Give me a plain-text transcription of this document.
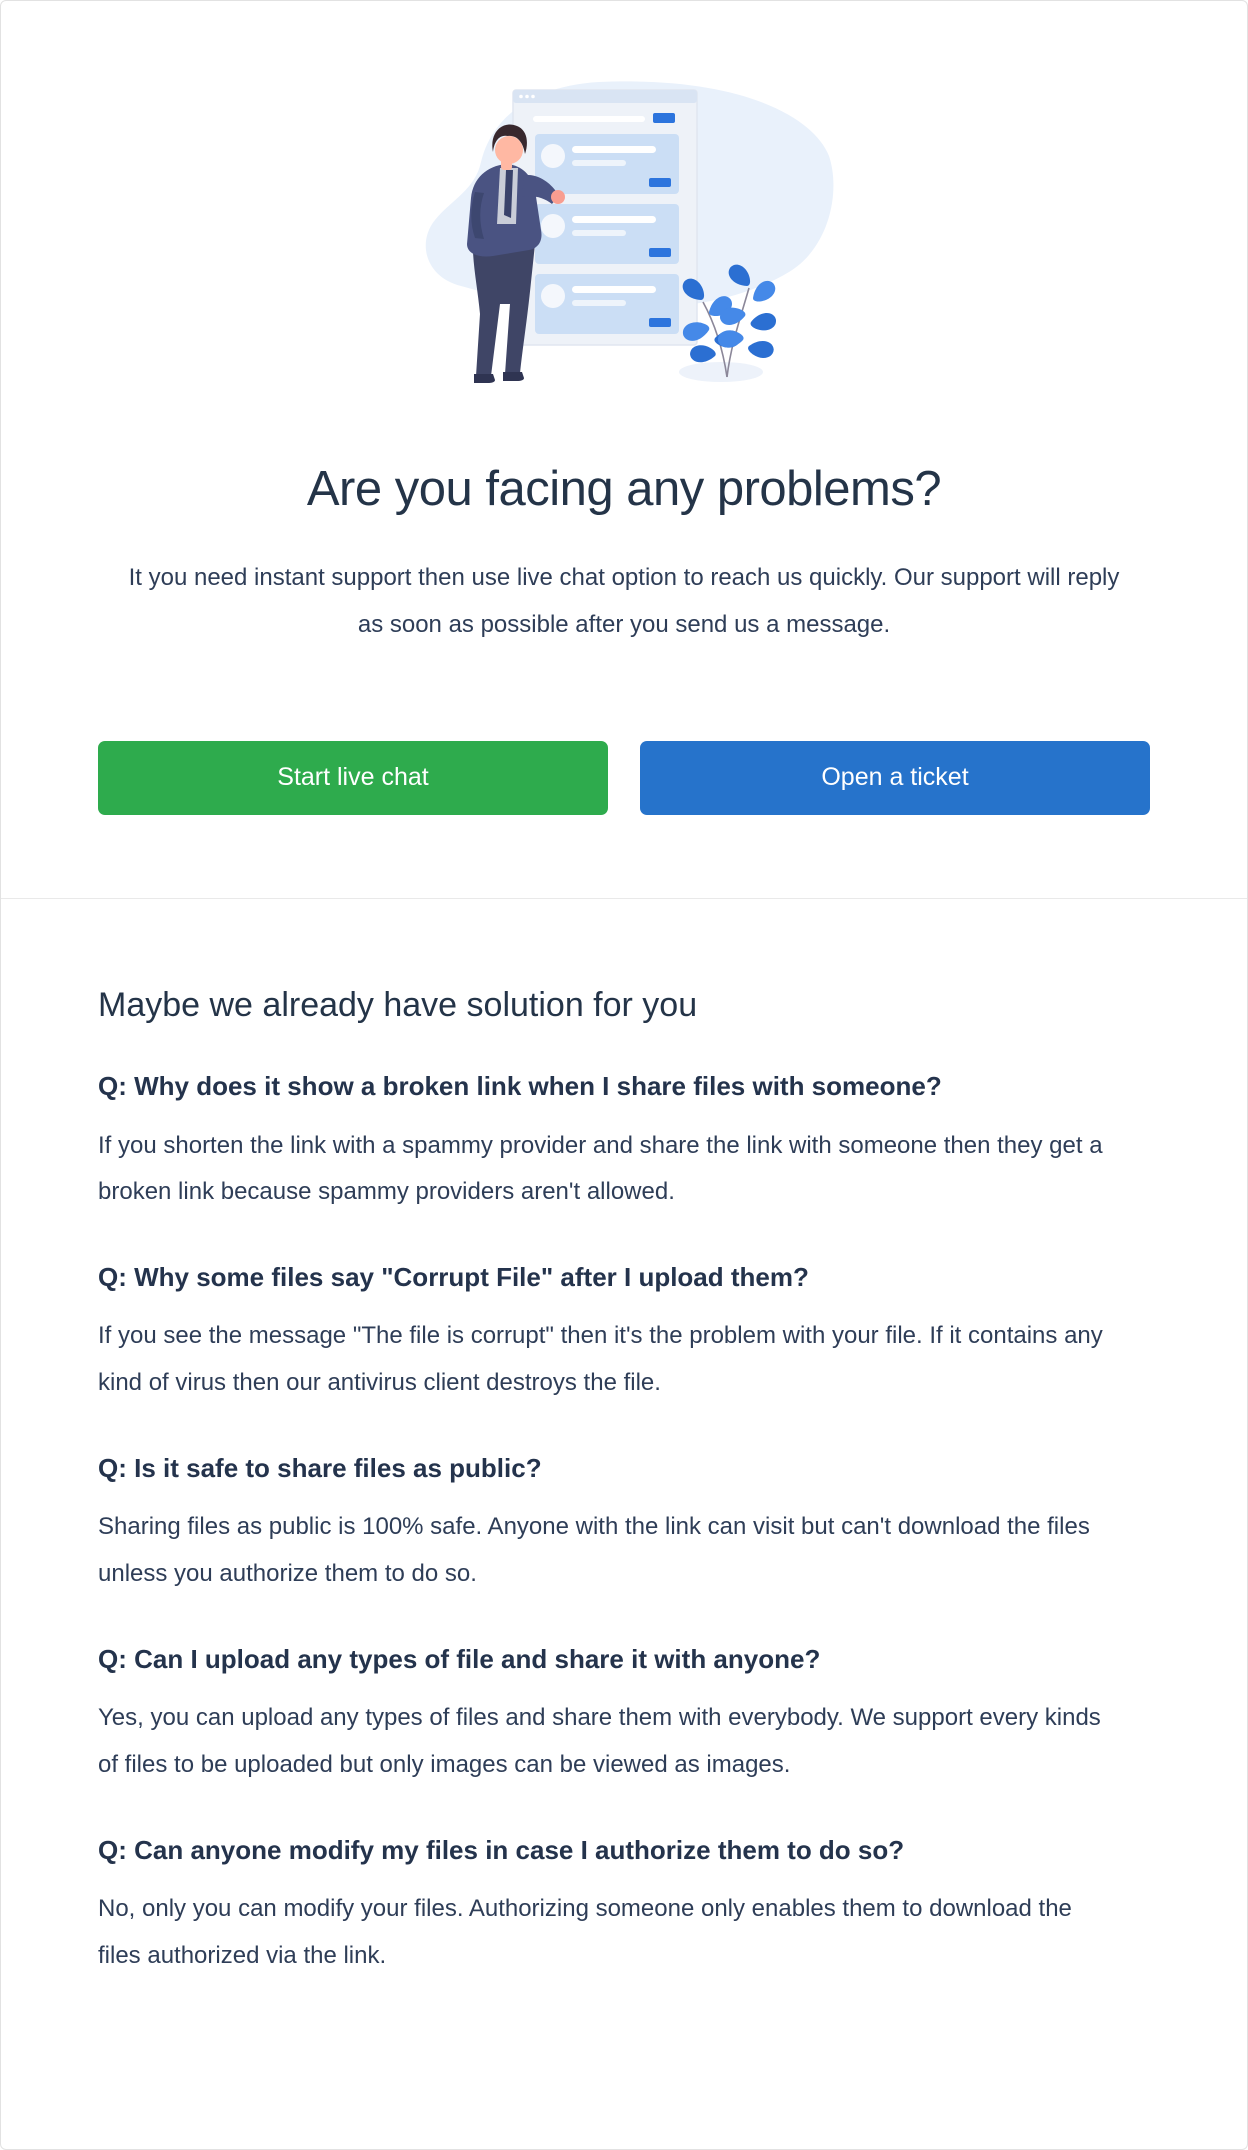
Are you facing any problems?

It you need instant support then use live chat option to reach us quickly. Our support will reply as soon as possible after you send us a message.

Start live chat	Open a ticket
Maybe we already have solution for you
Q: Why does it show a broken link when I share files with someone?

If you shorten the link with a spammy provider and share the link with someone then they get a broken link because spammy providers aren't allowed.

Q: Why some files say "Corrupt File" after I upload them?

If you see the message "The file is corrupt" then it's the problem with your file. If it contains any kind of virus then our antivirus client destroys the file.

Q: Is it safe to share files as public?

Sharing files as public is 100% safe. Anyone with the link can visit but can't download the files unless you authorize them to do so.

Q: Can I upload any types of file and share it with anyone?

Yes, you can upload any types of files and share them with everybody. We support every kinds of files to be uploaded but only images can be viewed as images.

Q: Can anyone modify my files in case I authorize them to do so?

No, only you can modify your files. Authorizing someone only enables them to download the files authorized via the link.
